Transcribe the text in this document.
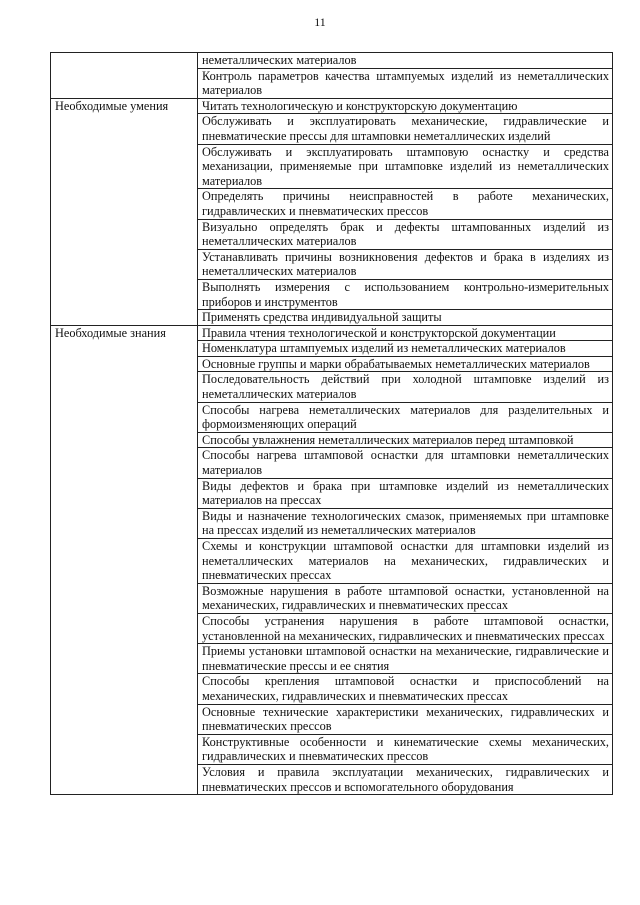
11

	неметаллических материалов

	Контроль параметров качества штампуемых изделий из неметаллических материалов

Необходимые умения	Читать технологическую и конструкторскую документацию

	Обслуживать и эксплуатировать механические, гидравлические и пневматические прессы для штамповки неметаллических изделий

	Обслуживать и эксплуатировать штамповую оснастку и средства механизации, применяемые при штамповке изделий из неметаллических материалов

	Определять причины неисправностей в работе механических, гидравлических и пневматических прессов

	Визуально определять брак и дефекты штампованных изделий из неметаллических материалов

	Устанавливать причины возникновения дефектов и брака в изделиях из неметаллических материалов

	Выполнять измерения с использованием контрольно-измерительных приборов и инструментов

	Применять средства индивидуальной защиты

Необходимые знания	Правила чтения технологической и конструкторской документации

	Номенклатура штампуемых изделий из неметаллических материалов

	Основные группы и марки обрабатываемых неметаллических материалов

	Последовательность действий при холодной штамповке изделий из неметаллических материалов

	Способы нагрева неметаллических материалов для разделительных и формоизменяющих операций

	Способы увлажнения неметаллических материалов перед штамповкой

	Способы нагрева штамповой оснастки для штамповки неметаллических материалов

	Виды дефектов и брака при штамповке изделий из неметаллических материалов на прессах

	Виды и назначение технологических смазок, применяемых при штамповке на прессах изделий из неметаллических материалов

	Схемы и конструкции штамповой оснастки для штамповки изделий из неметаллических материалов на механических, гидравлических и пневматических прессах

	Возможные нарушения в работе штамповой оснастки, установленной на механических, гидравлических и пневматических прессах

	Способы устранения нарушения в работе штамповой оснастки, установленной на механических, гидравлических и пневматических прессах

	Приемы установки штамповой оснастки на механические, гидравлические и пневматические прессы и ее снятия

	Способы крепления штамповой оснастки и приспособлений на механических, гидравлических и пневматических прессах

	Основные технические характеристики механических, гидравлических и пневматических прессов

	Конструктивные особенности и кинематические схемы механических, гидравлических и пневматических прессов

	Условия и правила эксплуатации механических, гидравлических и пневматических прессов и вспомогательного оборудования
